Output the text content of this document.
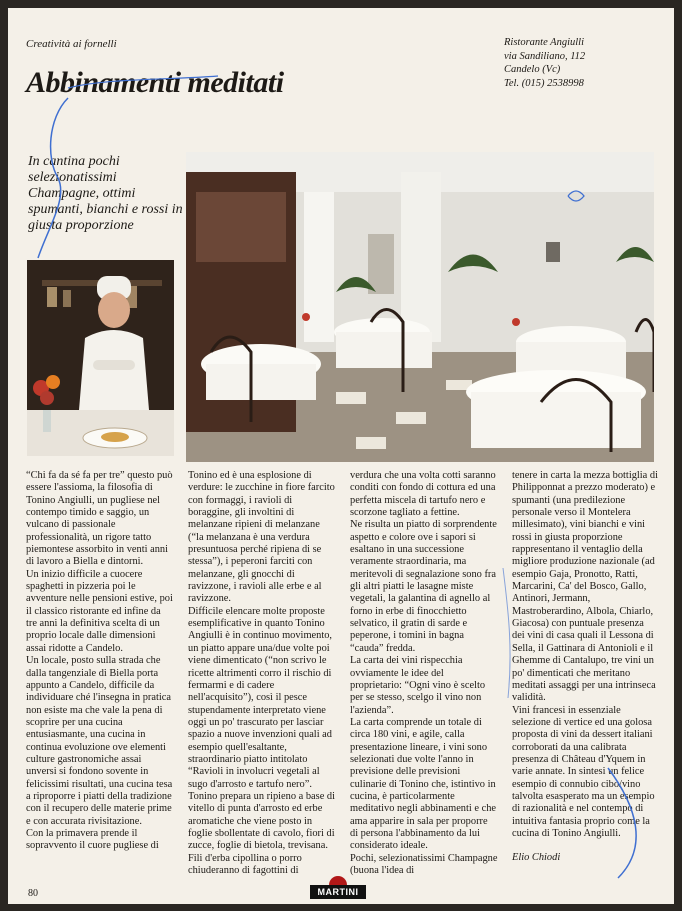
Creatività ai fornelli
Abbinamenti meditati
Ristorante Angiulli
via Sandiliano, 112
Candelo (Vc)
Tel. (015) 2538998
In cantina pochi selezionatissimi Champagne, ottimi spumanti, bianchi e rossi in giusta proporzione

“Chi fa da sé fa per tre” questo può essere l'assioma, la filosofia di Tonino Angiulli, un pugliese nel contempo timido e saggio, un vulcano di passionale professionalità, un rigore tatto piemontese assorbito in venti anni di lavoro a Biella e dintorni.

Un inizio difficile a cuocere spaghetti in pizzeria poi le avventure nelle pensioni estive, poi il classico ristorante ed infine da tre anni la definitiva scelta di un proprio locale dalle dimensioni assai ridotte a Candelo.

Un locale, posto sulla strada che dalla tangenziale di Biella porta appunto a Candelo, difficile da individuare ché l'insegna in pratica non esiste ma che vale la pena di scoprire per una cucina entusiasmante, una cucina in continua evoluzione ove elementi

culture gastronomiche assai unversi si fondono sovente in felicissimi risultati, una cucina tesa a riproporre i piatti della tradizione con il recupero delle materie prime e con accurata rivisitazione.

Con la primavera prende il sopravvento il cuore pugliese di

Tonino ed è una esplosione di verdure: le zucchine in fiore farcito con formaggi, i ravioli di boraggine, gli involtini di melanzane ripieni di melanzane (“la melanzana è una verdura presuntuosa perché ripiena di se stessa”), i peperoni farciti con melanzane, gli gnocchi di ravizzone, i ravioli alle erbe e al ravizzone.

Difficile elencare molte proposte esemplificative in quanto Tonino Angiulli è in continuo movimento, un piatto appare una/due volte poi viene dimenticato (“non scrivo le ricette altrimenti corro il rischio di fermarmi e di cadere nell'acquisito”), così il pesce stupendamente interpretato viene oggi un po' trascurato per lasciar spazio a nuove invenzioni quali ad esempio quell'esaltante, straordinario piatto intitolato “Ravioli in involucri vegetali al sugo d'arrosto e tartufo nero”.

Tonino prepara un ripieno a base di vitello di punta d'arrosto ed erbe aromatiche che viene posto in foglie sbollentate di cavolo, fiori di zucce, foglie di bietola, trevisana. Fili d'erba cipollina o porro chiuderanno di fagottini di

verdura che una volta cotti saranno conditi con fondo di cottura ed una perfetta miscela di tartufo nero e scorzone tagliato a fettine.

Ne risulta un piatto di sorprendente aspetto e colore ove i sapori si esaltano in una successione veramente straordinaria, ma meritevoli di segnalazione sono fra gli altri piatti le lasagne miste vegetali, la galantina di agnello al forno in erbe di finocchietto selvatico, il gratin di sarde e peperone, i tomini in bagna “cauda” fredda.

La carta dei vini rispecchia ovviamente le idee del proprietario: “Ogni vino è scelto per se stesso, scelgo il vino non l'azienda”.

La carta comprende un totale di circa 180 vini, e agile, calla presentazione lineare, i vini sono selezionati due volte l'anno in previsione delle previsioni culinarie di Tonino che, istintivo in cucina, è particolarmente meditativo negli abbinamenti e che ama apparire in sala per proporre di persona l'abbinamento da lui considerato ideale.

Pochi, selezionatissimi Champagne (buona l'idea di

tenere in carta la mezza bottiglia di Philipponnat a prezzo moderato) e spumanti (una predilezione personale verso il Montelera millesimato), vini bianchi e vini rossi in giusta proporzione rappresentano il ventaglio della migliore produzione nazionale (ad esempio Gaja, Pronotto, Ratti, Marcarini, Ca' del Bosco, Gallo, Antinori, Jermann, Mastroberardino, Albola, Chiarlo, Giacosa) con puntuale presenza dei vini di casa quali il Lessona di Sella, il Gattinara di Antonioli e il Ghemme di Cantalupo, tre vini un po' dimenticati che meritano meditati assaggi per una intrinseca validità.

Vini francesi in essenziale selezione di vertice ed una golosa proposta di vini da dessert italiani corroborati da una calibrata presenza di Château d'Yquem in varie annate. In sintesi un felice esempio di connubio cibo/vino talvolta esasperato ma un esempio di razionalità e nel contempo di intuitiva fantasia proprio come la cucina di Tonino Angiulli.

Elio Chiodi

80	MARTINI
